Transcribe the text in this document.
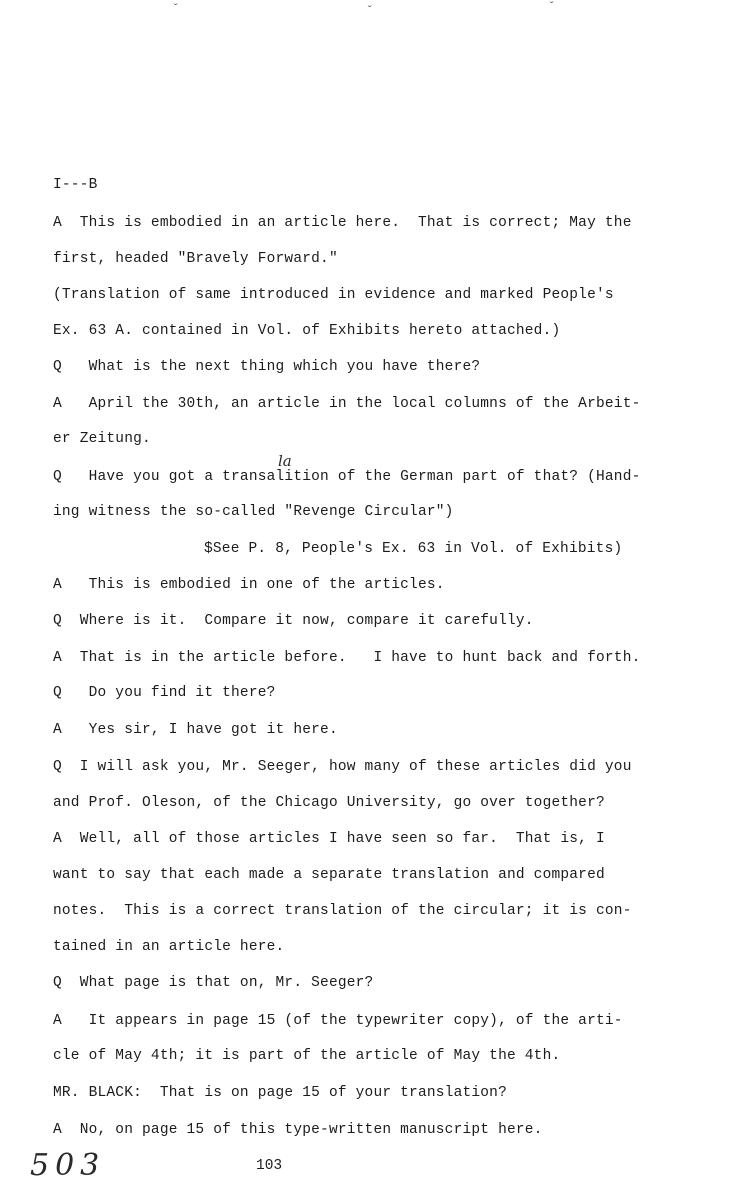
ˇ	ˇ	ˇ
I---B
A  This is embodied in an article here.  That is correct; May the
first, headed "Bravely Forward."
(Translation of same introduced in evidence and marked People's
Ex. 63 A. contained in Vol. of Exhibits hereto attached.)
Q   What is the next thing which you have there?
A   April the 30th, an article in the local columns of the Arbeit-
er Zeitung.
la
Q   Have you got a transalition of the German part of that? (Hand-
ing witness the so-called "Revenge Circular")
$See P. 8, People's Ex. 63 in Vol. of Exhibits)
A   This is embodied in one of the articles.
Q  Where is it.  Compare it now, compare it carefully.
A  That is in the article before.   I have to hunt back and forth.
Q   Do you find it there?
A   Yes sir, I have got it here.
Q  I will ask you, Mr. Seeger, how many of these articles did you
and Prof. Oleson, of the Chicago University, go over together?
A  Well, all of those articles I have seen so far.  That is, I
want to say that each made a separate translation and compared
notes.  This is a correct translation of the circular; it is con-
tained in an article here.
Q  What page is that on, Mr. Seeger?
A   It appears in page 15 (of the typewriter copy), of the arti-
cle of May 4th; it is part of the article of May the 4th.
MR. BLACK:  That is on page 15 of your translation?
A  No, on page 15 of this type-written manuscript here.
503	103
